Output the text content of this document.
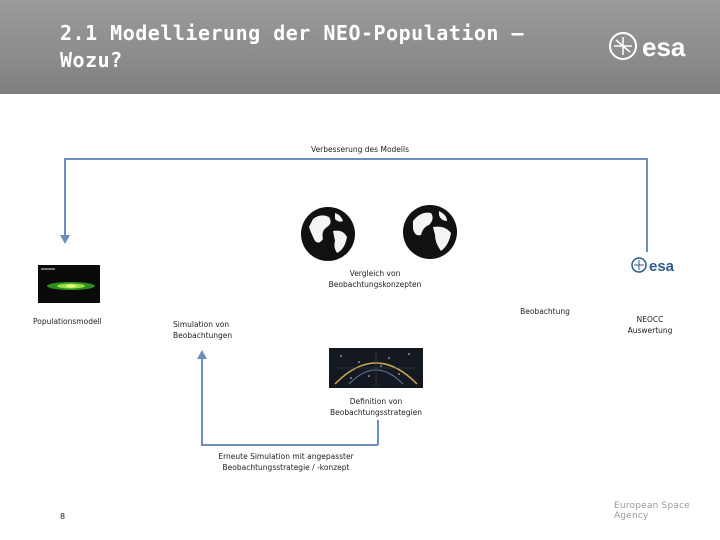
2.1 Modellierung der NEO-Population –
Wozu?	esa
Verbesserung des Modells
Vergleich von
Beobachtungskonzepten
Populationsmodell
esa
Beobachtung
NEOCC
Auswertung
Simulation von
Beobachtungen
Definition von
Beobachtungsstrategien
Erneute Simulation mit angepasster
Beobachtungsstrategie / -konzept
8
European Space Agency
